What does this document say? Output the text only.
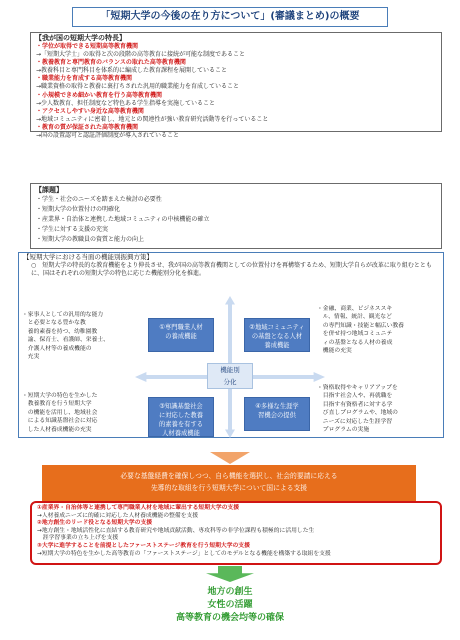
「短期大学の今後の在り方について」(審議まとめ)の概要
【我が国の短期大学の特長】
・学位が取得できる短期高等教育機関
→「短期大学士」の取得と次の段階の高等教育に接続が可能な制度であること
・教養教育と専門教育のバランスの取れた高等教育機関
→教養科目と専門科目を体系的に編成した教育課程を展開していること
・職業能力を育成する高等教育機関
→職業資格の取得と教養に裏打ちされた汎用的職業能力を育成していること
・小規模できめ細かい教育を行う高等教育機関
→少人数教育、担任制度など特色ある学生指導を実施していること
・アクセスしやすい身近な高等教育機関
→地域コミュニティに密着し、地元との関連性が強い教育研究活動等を行っていること
・教育の質が保証された高等教育機関
→国の設置認可と認証評価制度が導入されていること
【課題】
・学生・社会のニーズを踏まえた検討の必要性
・短期大学の位置付けの明確化
・産業界・自治体と連携した地域コミュニティの中核機能の確立
・学生に対する支援の充実
・短期大学の教職員の資質と能力の向上
【短期大学における当面の機能別振興方策】
○　短期大学の特長的な教育機能をより伸長させ、我が国の高等教育機関としての位置付けを再構築するため、短期大学自らが改革に取り組むとともに、国はそれぞれの短期大学の特色に応じた機能別分化を推進。
・家事人としての汎用的な能力
　と必要となる豊かな教
　養的素養を持つ、幼稚園教
　諭、保育士、看護師、栄養士、
　介護人材等の養成機能の
　充実
・短期大学の特色を生かした
　教養教育を行う短期大学
　の機能を活用し、地域社会
　による知識基盤社会に対応
　した人材養成機能の充実
・金融、商業、ビジネススキ
　ル、情報、統計、観光など
　の専門知識・技能と幅広い教養
　を併せ持つ地域コミュニテ
　ィの基盤となる人材の養成
　機能の充実
・資格取得やキャリアアップを
　目指す社会人や、再就職を
　目指す有資格者に対する学
　び直しプログラムや、地域の
　ニーズに対応した生涯学習
　プログラムの実施
①専門職業人材
の養成機能
②地域コミュニティ
の基盤となる人材
養成機能
③知識基盤社会
に対応した教養
的素養を有する
人材養成機能
④多様な生涯学
習機会の提供
機能別
分化
必要な基盤経費を確保しつつ、自ら機能を選択し、社会的要請に応える
先導的な取組を行う短期大学について国による支援
①産業界・自治体等と連携して専門職業人材を地域に輩出する短期大学の支援
→人材養成ニーズに的確に対応した人材養成機能の整備を支援
②地方創生のリード役となる短期大学の支援
→地方創生・地域活性化に直結する教育研究や地域貢献活動、専攻科等の非学位課程も積極的に活用した生
　涯学習事業の立ち上げを支援
③大学に進学することを前提としたファーストステージ教育を行う短期大学の支援
→短期大学の特色を生かした高等教育の「ファーストステージ」としてのモデルとなる機能を構築する取組を支援
地方の創生
女性の活躍
高等教育の機会均等の確保
